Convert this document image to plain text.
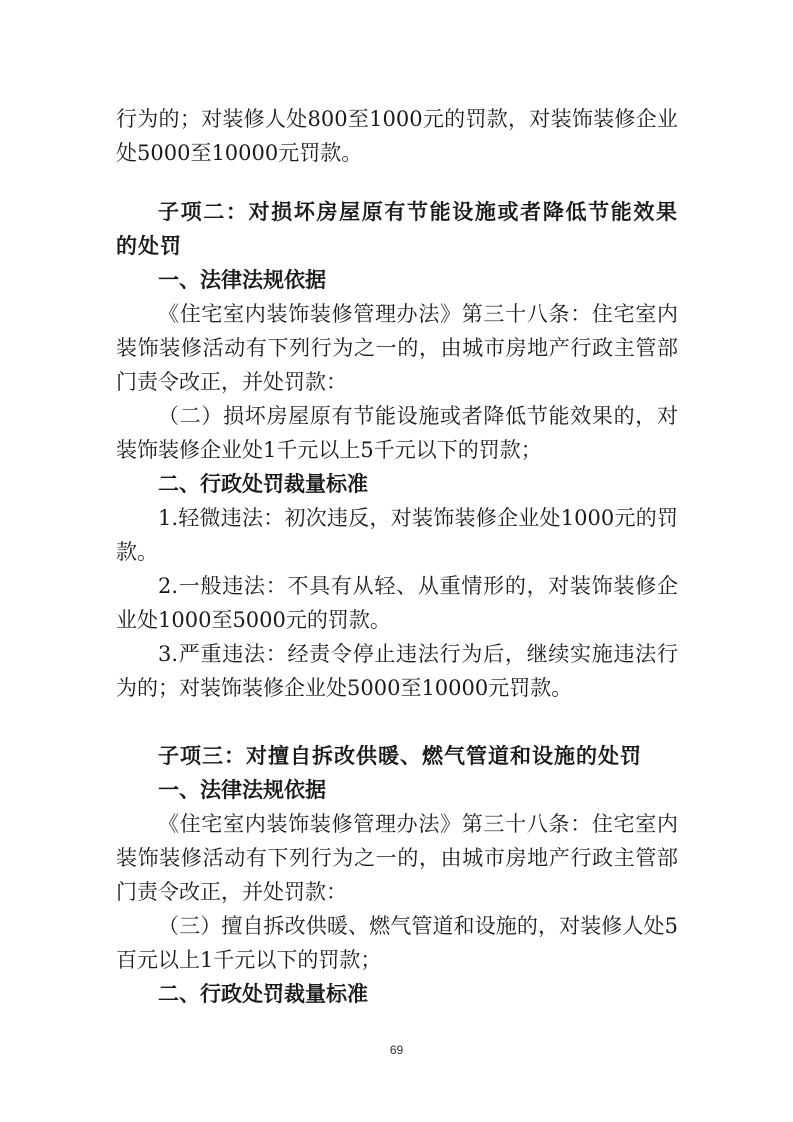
行为的；对装修人处800至1000元的罚款，对装饰装修企业处5000至10000元罚款。

子项二：对损坏房屋原有节能设施或者降低节能效果的处罚

一、法律法规依据

《住宅室内装饰装修管理办法》第三十八条：住宅室内装饰装修活动有下列行为之一的，由城市房地产行政主管部门责令改正，并处罚款：

（二）损坏房屋原有节能设施或者降低节能效果的，对装饰装修企业处1千元以上5千元以下的罚款；

二、行政处罚裁量标准

1.轻微违法：初次违反，对装饰装修企业处1000元的罚款。

2.一般违法：不具有从轻、从重情形的，对装饰装修企业处1000至5000元的罚款。

3.严重违法：经责令停止违法行为后，继续实施违法行为的；对装饰装修企业处5000至10000元罚款。

子项三：对擅自拆改供暖、燃气管道和设施的处罚

一、法律法规依据

《住宅室内装饰装修管理办法》第三十八条：住宅室内装饰装修活动有下列行为之一的，由城市房地产行政主管部门责令改正，并处罚款：

（三）擅自拆改供暖、燃气管道和设施的，对装修人处5百元以上1千元以下的罚款；

二、行政处罚裁量标准

69
